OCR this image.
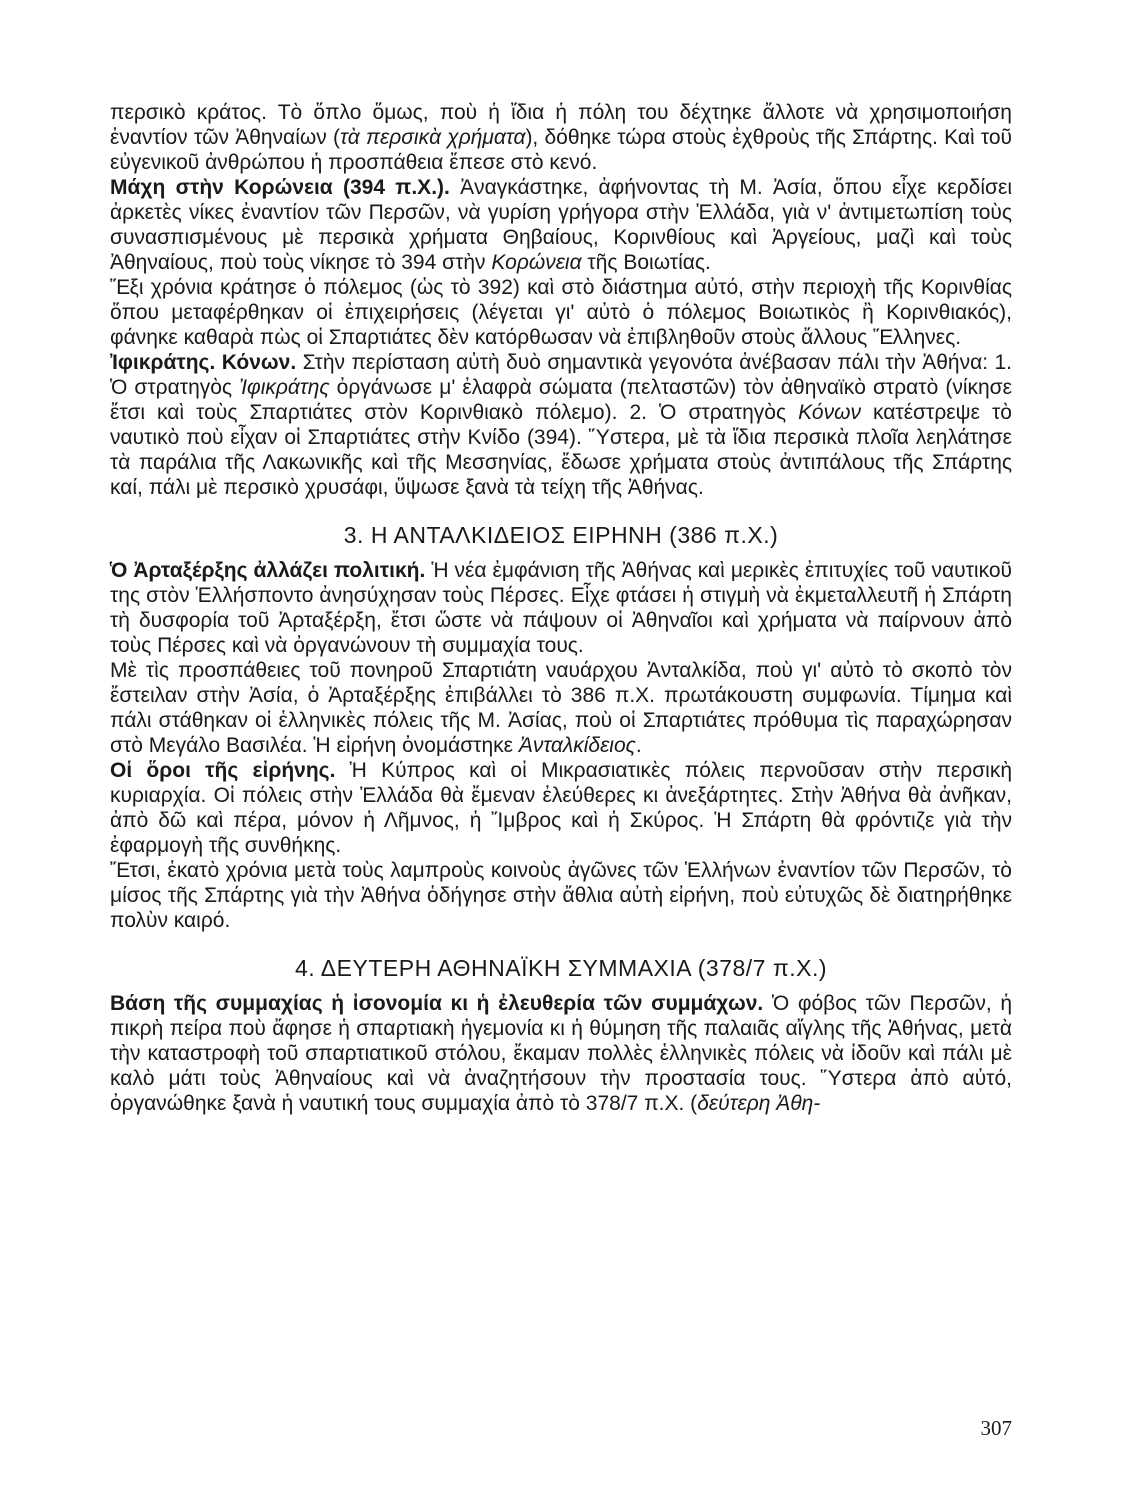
περσικὸ κράτος. Τὸ ὅπλο ὅμως, ποὺ ἡ ἴδια ἡ πόλη του δέχτηκε ἄλλοτε νὰ χρησιμοποιήση ἐναντίον τῶν Ἀθηναίων (τὰ περσικὰ χρήματα), δόθηκε τώρα στοὺς ἐχθροὺς τῆς Σπάρτης. Καὶ τοῦ εὐγενικοῦ ἀνθρώπου ἡ προσπάθεια ἔπεσε στὸ κενό.

Μάχη στὴν Κορώνεια (394 π.Χ.). Ἀναγκάστηκε, ἀφήνοντας τὴ Μ. Ἀσία, ὅπου εἶχε κερδίσει ἀρκετὲς νίκες ἐναντίον τῶν Περσῶν, νὰ γυρίση γρήγορα στὴν Ἑλλάδα, γιὰ ν' ἀντιμετωπίση τοὺς συνασπισμένους μὲ περσικὰ χρήματα Θηβαίους, Κορινθίους καὶ Ἀργείους, μαζὶ καὶ τοὺς Ἀθηναίους, ποὺ τοὺς νίκησε τὸ 394 στὴν Κορώνεια τῆς Βοιωτίας.

Ἕξι χρόνια κράτησε ὁ πόλεμος (ὡς τὸ 392) καὶ στὸ διάστημα αὐτό, στὴν περιοχὴ τῆς Κορινθίας ὅπου μεταφέρθηκαν οἱ ἐπιχειρήσεις (λέγεται γι' αὐτὸ ὁ πόλεμος Βοιωτικὸς ἢ Κορινθιακός), φάνηκε καθαρὰ πὼς οἱ Σπαρτιάτες δὲν κατόρθωσαν νὰ ἐπιβληθοῦν στοὺς ἄλλους Ἕλληνες.

Ἰφικράτης. Κόνων. Στὴν περίσταση αὐτὴ δυὸ σημαντικὰ γεγονότα ἀνέβασαν πάλι τὴν Ἀθήνα: 1. Ὁ στρατηγὸς Ἰφικράτης ὀργάνωσε μ' ἐλαφρὰ σώματα (πελταστῶν) τὸν ἀθηναϊκὸ στρατὸ (νίκησε ἔτσι καὶ τοὺς Σπαρτιάτες στὸν Κορινθιακὸ πόλεμο). 2. Ὁ στρατηγὸς Κόνων κατέστρεψε τὸ ναυτικὸ ποὺ εἶχαν οἱ Σπαρτιάτες στὴν Κνίδο (394). Ὕστερα, μὲ τὰ ἴδια περσικὰ πλοῖα λεηλάτησε τὰ παράλια τῆς Λακωνικῆς καὶ τῆς Μεσσηνίας, ἔδωσε χρήματα στοὺς ἀντιπάλους τῆς Σπάρτης καί, πάλι μὲ περσικὸ χρυσάφι, ὕψωσε ξανὰ τὰ τείχη τῆς Ἀθήνας.

3. Η ΑΝΤΑΛΚΙΔΕΙΟΣ ΕΙΡΗΝΗ (386 π.Χ.)

Ὁ Ἀρταξέρξης ἀλλάζει πολιτική. Ἡ νέα ἐμφάνιση τῆς Ἀθήνας καὶ μερικὲς ἐπιτυχίες τοῦ ναυτικοῦ της στὸν Ἑλλήσποντο ἀνησύχησαν τοὺς Πέρσες. Εἶχε φτάσει ἡ στιγμὴ νὰ ἐκμεταλλευτῆ ἡ Σπάρτη τὴ δυσφορία τοῦ Ἀρταξέρξη, ἔτσι ὥστε νὰ πάψουν οἱ Ἀθηναῖοι καὶ χρήματα νὰ παίρνουν ἀπὸ τοὺς Πέρσες καὶ νὰ ὀργανώνουν τὴ συμμαχία τους.

Μὲ τὶς προσπάθειες τοῦ πονηροῦ Σπαρτιάτη ναυάρχου Ἀνταλκίδα, ποὺ γι' αὐτὸ τὸ σκοπὸ τὸν ἔστειλαν στὴν Ἀσία, ὁ Ἀρταξέρξης ἐπιβάλλει τὸ 386 π.Χ. πρωτάκουστη συμφωνία. Τίμημα καὶ πάλι στάθηκαν οἱ ἑλληνικὲς πόλεις τῆς Μ. Ἀσίας, ποὺ οἱ Σπαρτιάτες πρόθυμα τὶς παραχώρησαν στὸ Μεγάλο Βασιλέα. Ἡ εἰρήνη ὀνομάστηκε Ἀνταλκίδειος.

Οἱ ὅροι τῆς εἰρήνης. Ἡ Κύπρος καὶ οἱ Μικρασιατικὲς πόλεις περνοῦσαν στὴν περσικὴ κυριαρχία. Οἱ πόλεις στὴν Ἑλλάδα θὰ ἔμεναν ἐλεύθερες κι ἀνεξάρτητες. Στὴν Ἀθήνα θὰ ἀνῆκαν, ἀπὸ δῶ καὶ πέρα, μόνον ἡ Λῆμνος, ἡ Ἴμβρος καὶ ἡ Σκύρος. Ἡ Σπάρτη θὰ φρόντιζε γιὰ τὴν ἐφαρμογὴ τῆς συνθήκης.

Ἔτσι, ἑκατὸ χρόνια μετὰ τοὺς λαμπροὺς κοινοὺς ἀγῶνες τῶν Ἑλλήνων ἐναντίον τῶν Περσῶν, τὸ μίσος τῆς Σπάρτης γιὰ τὴν Ἀθήνα ὁδήγησε στὴν ἄθλια αὐτὴ εἰρήνη, ποὺ εὐτυχῶς δὲ διατηρήθηκε πολὺν καιρό.

4. ΔΕΥΤΕΡΗ ΑΘΗΝΑΪΚΗ ΣΥΜΜΑΧΙΑ (378/7 π.Χ.)

Βάση τῆς συμμαχίας ἡ ἰσονομία κι ἡ ἐλευθερία τῶν συμμάχων. Ὁ φόβος τῶν Περσῶν, ἡ πικρὴ πείρα ποὺ ἄφησε ἡ σπαρτιακὴ ἡγεμονία κι ἡ θύμηση τῆς παλαιᾶς αἴγλης τῆς Ἀθήνας, μετὰ τὴν καταστροφὴ τοῦ σπαρτιατικοῦ στόλου, ἔκαμαν πολλὲς ἑλληνικὲς πόλεις νὰ ἰδοῦν καὶ πάλι μὲ καλὸ μάτι τοὺς Ἀθηναίους καὶ νὰ ἀναζητήσουν τὴν προστασία τους. Ὕστερα ἀπὸ αὐτό, ὀργανώθηκε ξανὰ ἡ ναυτική τους συμμαχία ἀπὸ τὸ 378/7 π.Χ. (δεύτερη Ἀθη-

307
